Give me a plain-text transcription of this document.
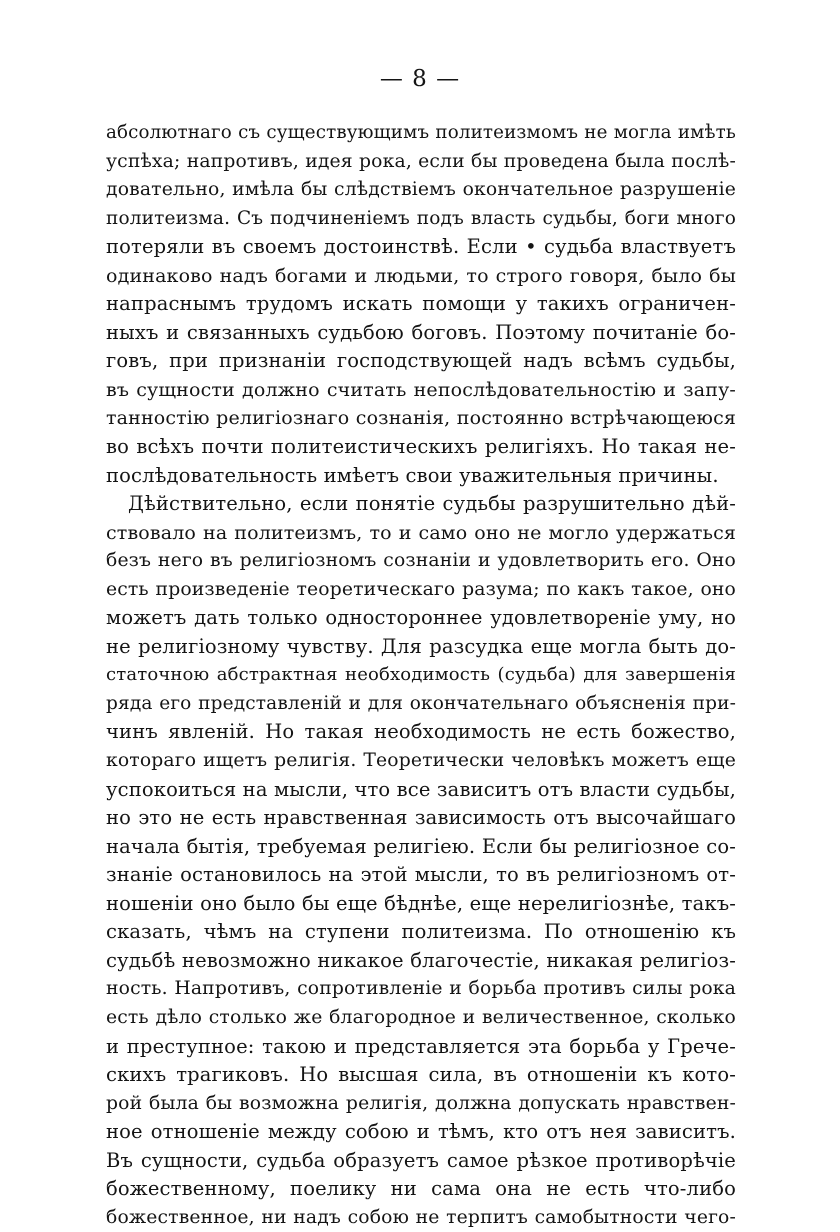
— 8 —
абсолютнаго съ существующимъ политеизмомъ не могла имѣть
успѣха; напротивъ, идея рока, если бы проведена была послѣ-
довательно, имѣла бы слѣдствіемъ окончательное разрушеніе
политеизма. Съ подчиненіемъ подъ власть судьбы, боги много
потеряли въ своемъ достоинствѣ. Если • судьба властвуетъ
одинаково надъ богами и людьми, то строго говоря, было бы
напраснымъ трудомъ искать помощи у такихъ ограничен-
ныхъ и связанныхъ судьбою боговъ. Поэтому почитаніе бо-
говъ, при признаніи господствующей надъ всѣмъ судьбы,
въ сущности должно считать непослѣдовательностію и запу-
танностію религіознаго сознанія, постоянно встрѣчающеюся
во всѣхъ почти политеистическихъ религіяхъ. Но такая не-
послѣдовательность имѣетъ свои уважительныя причины.
Дѣйствительно, если понятіе судьбы разрушительно дѣй-
ствовало на политеизмъ, то и само оно не могло удержаться
безъ него въ религіозномъ сознаніи и удовлетворить его. Оно
есть произведеніе теоретическаго разума; по какъ такое, оно
можетъ дать только одностороннее удовлетвореніе уму, но
не религіозному чувству. Для разсудка еще могла быть до-
статочною абстрактная необходимость (судьба) для завершенія
ряда его представленій и для окончательнаго объясненія при-
чинъ явленій. Но такая необходимость не есть божество,
котораго ищетъ религія. Теоретически человѣкъ можетъ еще
успокоиться на мысли, что все зависитъ отъ власти судьбы,
но это не есть нравственная зависимость отъ высочайшаго
начала бытія, требуемая религіею. Если бы религіозное со-
знаніе остановилось на этой мысли, то въ религіозномъ от-
ношеніи оно было бы еще бѣднѣе, еще нерелигіознѣе, такъ-
сказать, чѣмъ на ступени политеизма. По отношенію къ
судьбѣ невозможно никакое благочестіе, никакая религіоз-
ность. Напротивъ, сопротивленіе и борьба противъ силы рока
есть дѣло столько же благородное и величественное, сколько
и преступное: такою и представляется эта борьба у Грече-
скихъ трагиковъ. Но высшая сила, въ отношеніи къ кото-
рой была бы возможна религія, должна допускать нравствен-
ное отношеніе между собою и тѣмъ, кто отъ нея зависитъ.
Въ сущности, судьба образуетъ самое рѣзкое противорѣчіе
божественному, поелику ни сама она не есть что-либо
божественное, ни надъ собою не терпитъ самобытности чего-
